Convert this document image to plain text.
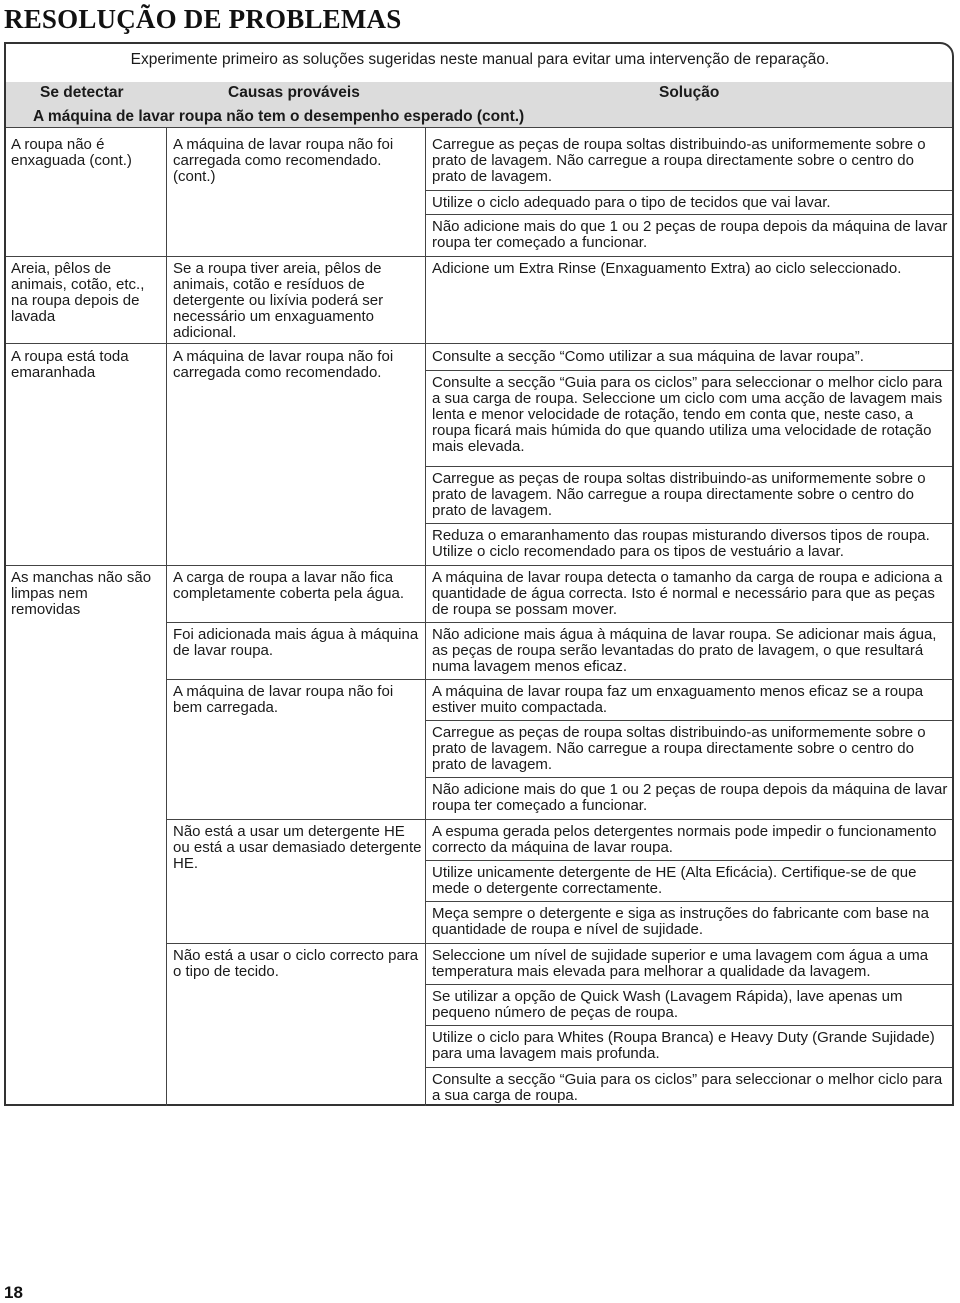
RESOLUÇÃO DE PROBLEMAS
Experimente primeiro as soluções sugeridas neste manual para evitar uma intervenção de reparação.
Se detectar	Causas prováveis	Solução
A máquina de lavar roupa não tem o desempenho esperado (cont.)
A roupa não é enxaguada (cont.)
Areia, pêlos de animais, cotão, etc., na roupa depois de lavada
A roupa está toda emaranhada
As manchas não são limpas nem removidas
A máquina de lavar roupa não foi carregada como recomendado. (cont.)
Se a roupa tiver areia, pêlos de animais, cotão e resíduos de detergente ou lixívia poderá ser necessário um enxaguamento adicional.
A máquina de lavar roupa não foi carregada como recomendado.
A carga de roupa a lavar não fica completamente coberta pela água.
Foi adicionada mais água à máquina de lavar roupa.
A máquina de lavar roupa não foi bem carregada.
Não está a usar um detergente HE ou está a usar demasiado detergente HE.
Não está a usar o ciclo correcto para o tipo de tecido.
Carregue as peças de roupa soltas distribuindo-as uniformemente sobre o prato de lavagem. Não carregue a roupa directamente sobre o centro do prato de lavagem.
Utilize o ciclo adequado para o tipo de tecidos que vai lavar.
Não adicione mais do que 1 ou 2 peças de roupa depois da máquina de lavar roupa ter começado a funcionar.
Adicione um Extra Rinse (Enxaguamento Extra) ao ciclo seleccionado.
Consulte a secção “Como utilizar a sua máquina de lavar roupa”.
Consulte a secção “Guia para os ciclos” para seleccionar o melhor ciclo para a sua carga de roupa. Seleccione um ciclo com uma acção de lavagem mais lenta e menor velocidade de rotação, tendo em conta que, neste caso, a roupa ficará mais húmida do que quando utiliza uma velocidade de rotação mais elevada.
Carregue as peças de roupa soltas distribuindo-as uniformemente sobre o prato de lavagem. Não carregue a roupa directamente sobre o centro do prato de lavagem.
Reduza o emaranhamento das roupas misturando diversos tipos de roupa. Utilize o ciclo recomendado para os tipos de vestuário a lavar.
A máquina de lavar roupa detecta o tamanho da carga de roupa e adiciona a quantidade de água correcta. Isto é normal e necessário para que as peças de roupa se possam mover.
Não adicione mais água à máquina de lavar roupa. Se adicionar mais água, as peças de roupa serão levantadas do prato de lavagem, o que resultará numa lavagem menos eficaz.
A máquina de lavar roupa faz um enxaguamento menos eficaz se a roupa estiver muito compactada.
Carregue as peças de roupa soltas distribuindo-as uniformemente sobre o prato de lavagem. Não carregue a roupa directamente sobre o centro do prato de lavagem.
Não adicione mais do que 1 ou 2 peças de roupa depois da máquina de lavar roupa ter começado a funcionar.
A espuma gerada pelos detergentes normais pode impedir o funcionamento correcto da máquina de lavar roupa.
Utilize unicamente detergente de HE (Alta Eficácia). Certifique-se de que mede o detergente correctamente.
Meça sempre o detergente e siga as instruções do fabricante com base na quantidade de roupa e nível de sujidade.
Seleccione um nível de sujidade superior e uma lavagem com água a uma temperatura mais elevada para melhorar a qualidade da lavagem.
Se utilizar a opção de Quick Wash (Lavagem Rápida), lave apenas um pequeno número de peças de roupa.
Utilize o ciclo para Whites (Roupa Branca) e Heavy Duty (Grande Sujidade) para uma lavagem mais profunda.
Consulte a secção “Guia para os ciclos” para seleccionar o melhor ciclo para a sua carga de roupa.
18
